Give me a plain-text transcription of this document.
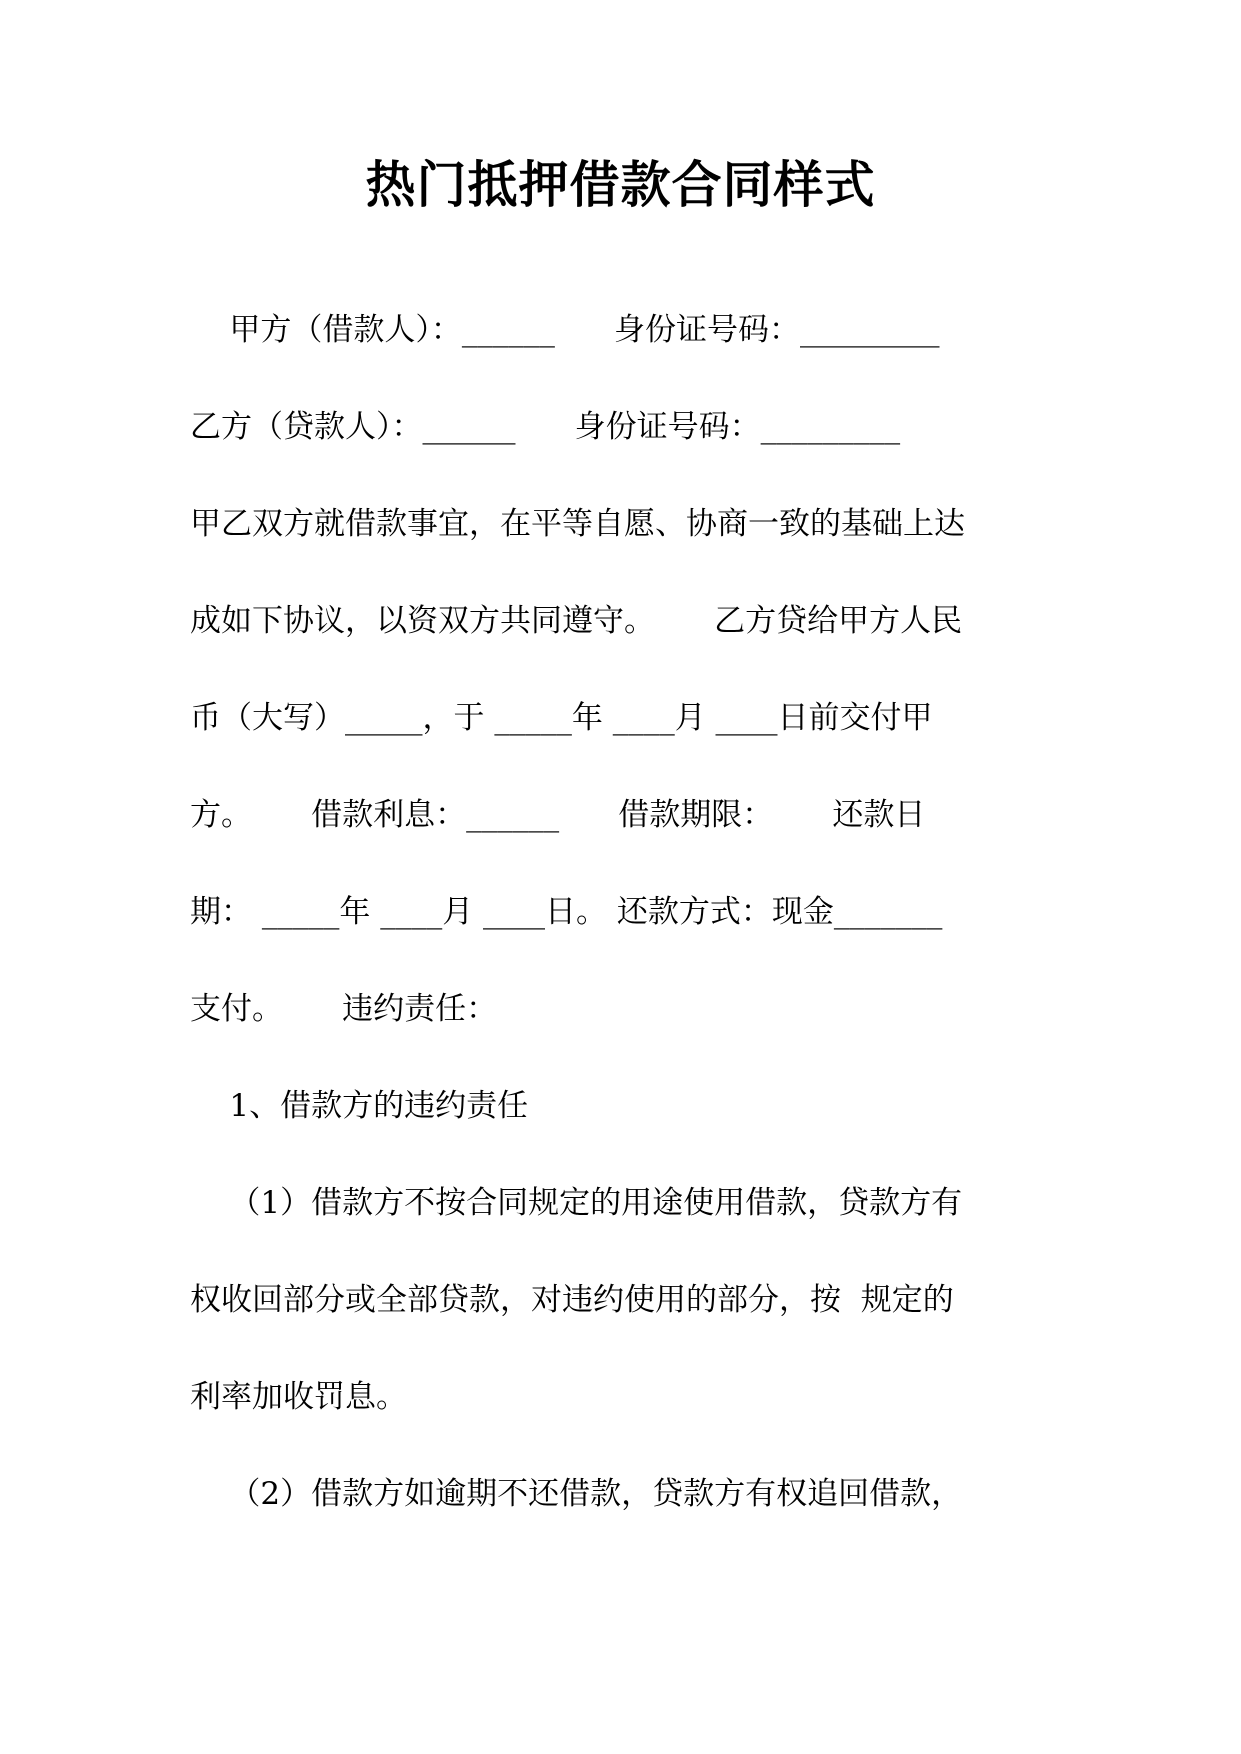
热门抵押借款合同样式
甲方（借款人）：______      身份证号码：_________
乙方（贷款人）：______      身份证号码：_________
甲乙双方就借款事宜，在平等自愿、协商一致的基础上达
成如下协议，以资双方共同遵守。      乙方贷给甲方人民
币（大写）_____，于 _____年 ____月 ____日前交付甲
方。      借款利息：______      借款期限：      还款日
期： _____年 ____月 ____日。 还款方式：现金_______
支付。      违约责任：
1、借款方的违约责任
（1）借款方不按合同规定的用途使用借款，贷款方有
权收回部分或全部贷款，对违约使用的部分，按  规定的
利率加收罚息。
（2）借款方如逾期不还借款，贷款方有权追回借款，
